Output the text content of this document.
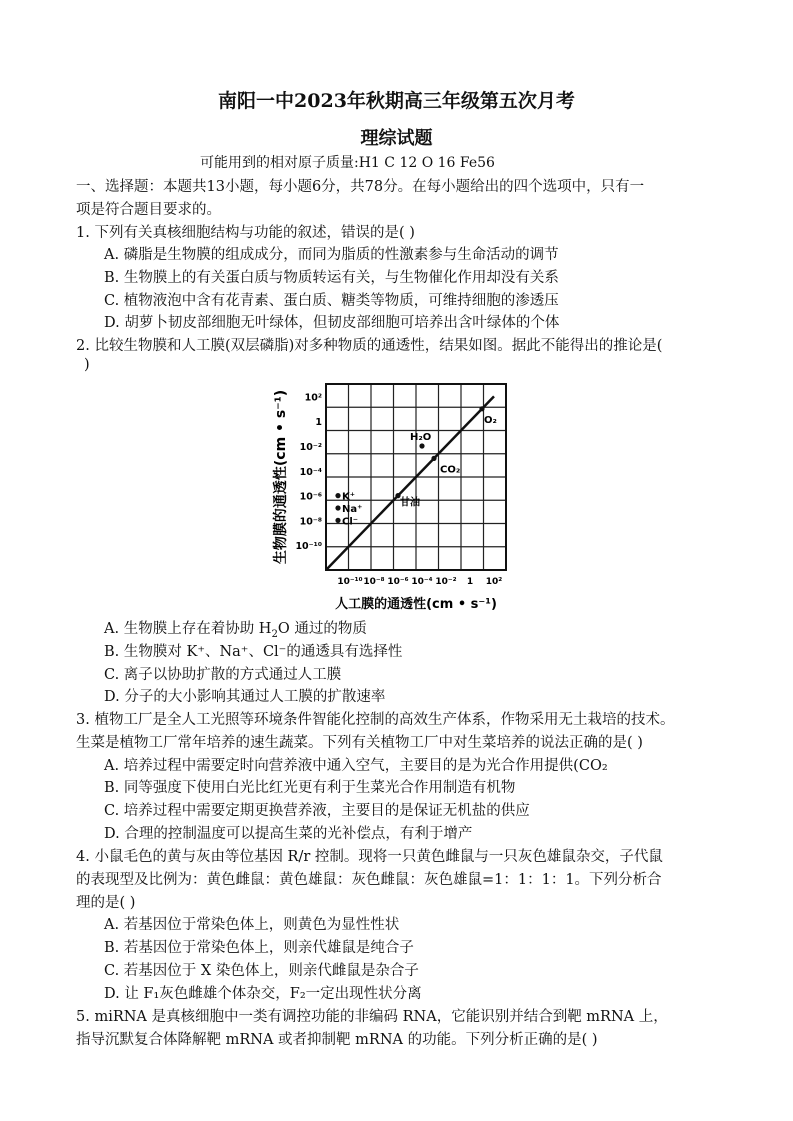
南阳一中2023年秋期高三年级第五次月考
理综试题
可能用到的相对原子质量:H1 C 12 O 16 Fe56
一、选择题：本题共13小题，每小题6分，共78分。在每小题给出的四个选项中，只有一
项是符合题目要求的。
1. 下列有关真核细胞结构与功能的叙述，错误的是( )
A. 磷脂是生物膜的组成成分，而同为脂质的性激素参与生命活动的调节
B. 生物膜上的有关蛋白质与物质转运有关，与生物催化作用却没有关系
C. 植物液泡中含有花青素、蛋白质、糖类等物质，可维持细胞的渗透压
D. 胡萝卜韧皮部细胞无叶绿体，但韧皮部细胞可培养出含叶绿体的个体
2. 比较生物膜和人工膜(双层磷脂)对多种物质的通透性，结果如图。据此不能得出的推论是(
)
10²
1
10⁻²
10⁻⁴
10⁻⁶
10⁻⁸
10⁻¹⁰
10⁻¹⁰ 10⁻⁸ 10⁻⁶ 10⁻⁴ 10⁻² 1 10²
O₂
H₂O
CO₂
甘油
K⁺
Na⁺
Cl⁻
生物膜的通透性(cm • s⁻¹)
人工膜的通透性(cm • s⁻¹)
A. 生物膜上存在着协助 $H_2O$ 通过的物质
B. 生物膜对 K⁺、Na⁺、Cl⁻的通透具有选择性
C. 离子以协助扩散的方式通过人工膜
D. 分子的大小影响其通过人工膜的扩散速率
3. 植物工厂是全人工光照等环境条件智能化控制的高效生产体系，作物采用无土栽培的技术。
生菜是植物工厂常年培养的速生蔬菜。下列有关植物工厂中对生菜培养的说法正确的是( )
A. 培养过程中需要定时向营养液中通入空气，主要目的是为光合作用提供(CO₂
B. 同等强度下使用白光比红光更有利于生菜光合作用制造有机物
C. 培养过程中需要定期更换营养液，主要目的是保证无机盐的供应
D. 合理的控制温度可以提高生菜的光补偿点，有利于增产
4. 小鼠毛色的黄与灰由等位基因 R/r 控制。现将一只黄色雌鼠与一只灰色雄鼠杂交，子代鼠
的表现型及比例为：黄色雌鼠：黄色雄鼠：灰色雌鼠：灰色雄鼠=1：1：1：1。下列分析合
理的是( )
A. 若基因位于常染色体上，则黄色为显性性状
B. 若基因位于常染色体上，则亲代雄鼠是纯合子
C. 若基因位于 X 染色体上，则亲代雌鼠是杂合子
D. 让 F₁灰色雌雄个体杂交，F₂一定出现性状分离
5. miRNA 是真核细胞中一类有调控功能的非编码 RNA，它能识别并结合到靶 mRNA 上，
指导沉默复合体降解靶 mRNA 或者抑制靶 mRNA 的功能。下列分析正确的是( )
